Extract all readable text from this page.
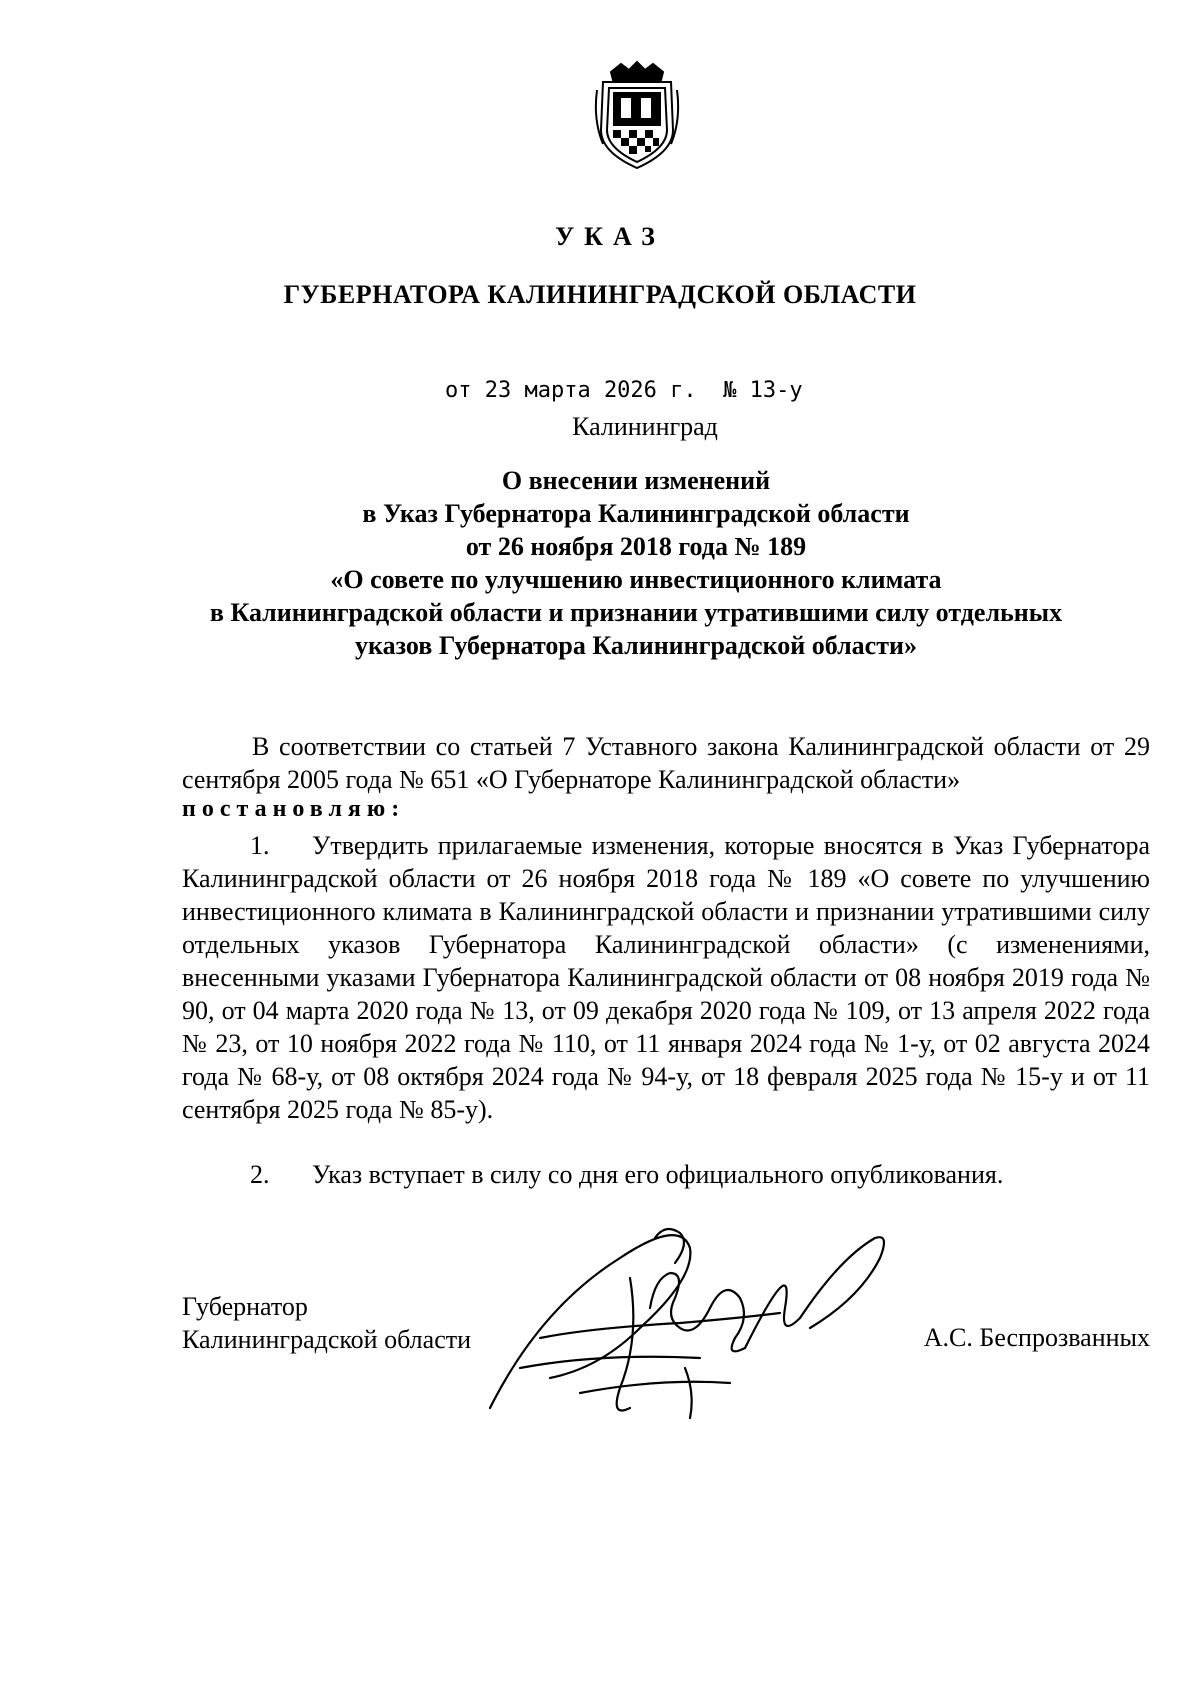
УКАЗ
ГУБЕРНАТОРА КАЛИНИНГРАДСКОЙ ОБЛАСТИ
от 23 марта 2026 г. № 13-у
Калининград
О внесении изменений
в Указ Губернатора Калининградской области
от 26 ноября 2018 года № 189
«О совете по улучшению инвестиционного климата
в Калининградской области и признании утратившими силу отдельных
указов Губернатора Калининградской области»
В соответствии со статьей 7 Уставного закона Калининградской области от 29 сентября 2005 года № 651 «О Губернаторе Калининградской области»
постановляю:
1. Утвердить прилагаемые изменения, которые вносятся в Указ Губернатора Калининградской области от 26 ноября 2018 года № 189 «О совете по улучшению инвестиционного климата в Калининградской области и признании утратившими силу отдельных указов Губернатора Калининградской области» (с изменениями, внесенными указами Губернатора Калининградской области от 08 ноября 2019 года № 90, от 04 марта 2020 года № 13, от 09 декабря 2020 года № 109, от 13 апреля 2022 года № 23, от 10 ноября 2022 года № 110, от 11 января 2024 года № 1-у, от 02 августа 2024 года № 68-у, от 08 октября 2024 года № 94-у, от 18 февраля 2025 года № 15-у и от 11 сентября 2025 года № 85-у).
2. Указ вступает в силу со дня его официального опубликования.
Губернатор
Калининградской области	А.С. Беспрозванных
